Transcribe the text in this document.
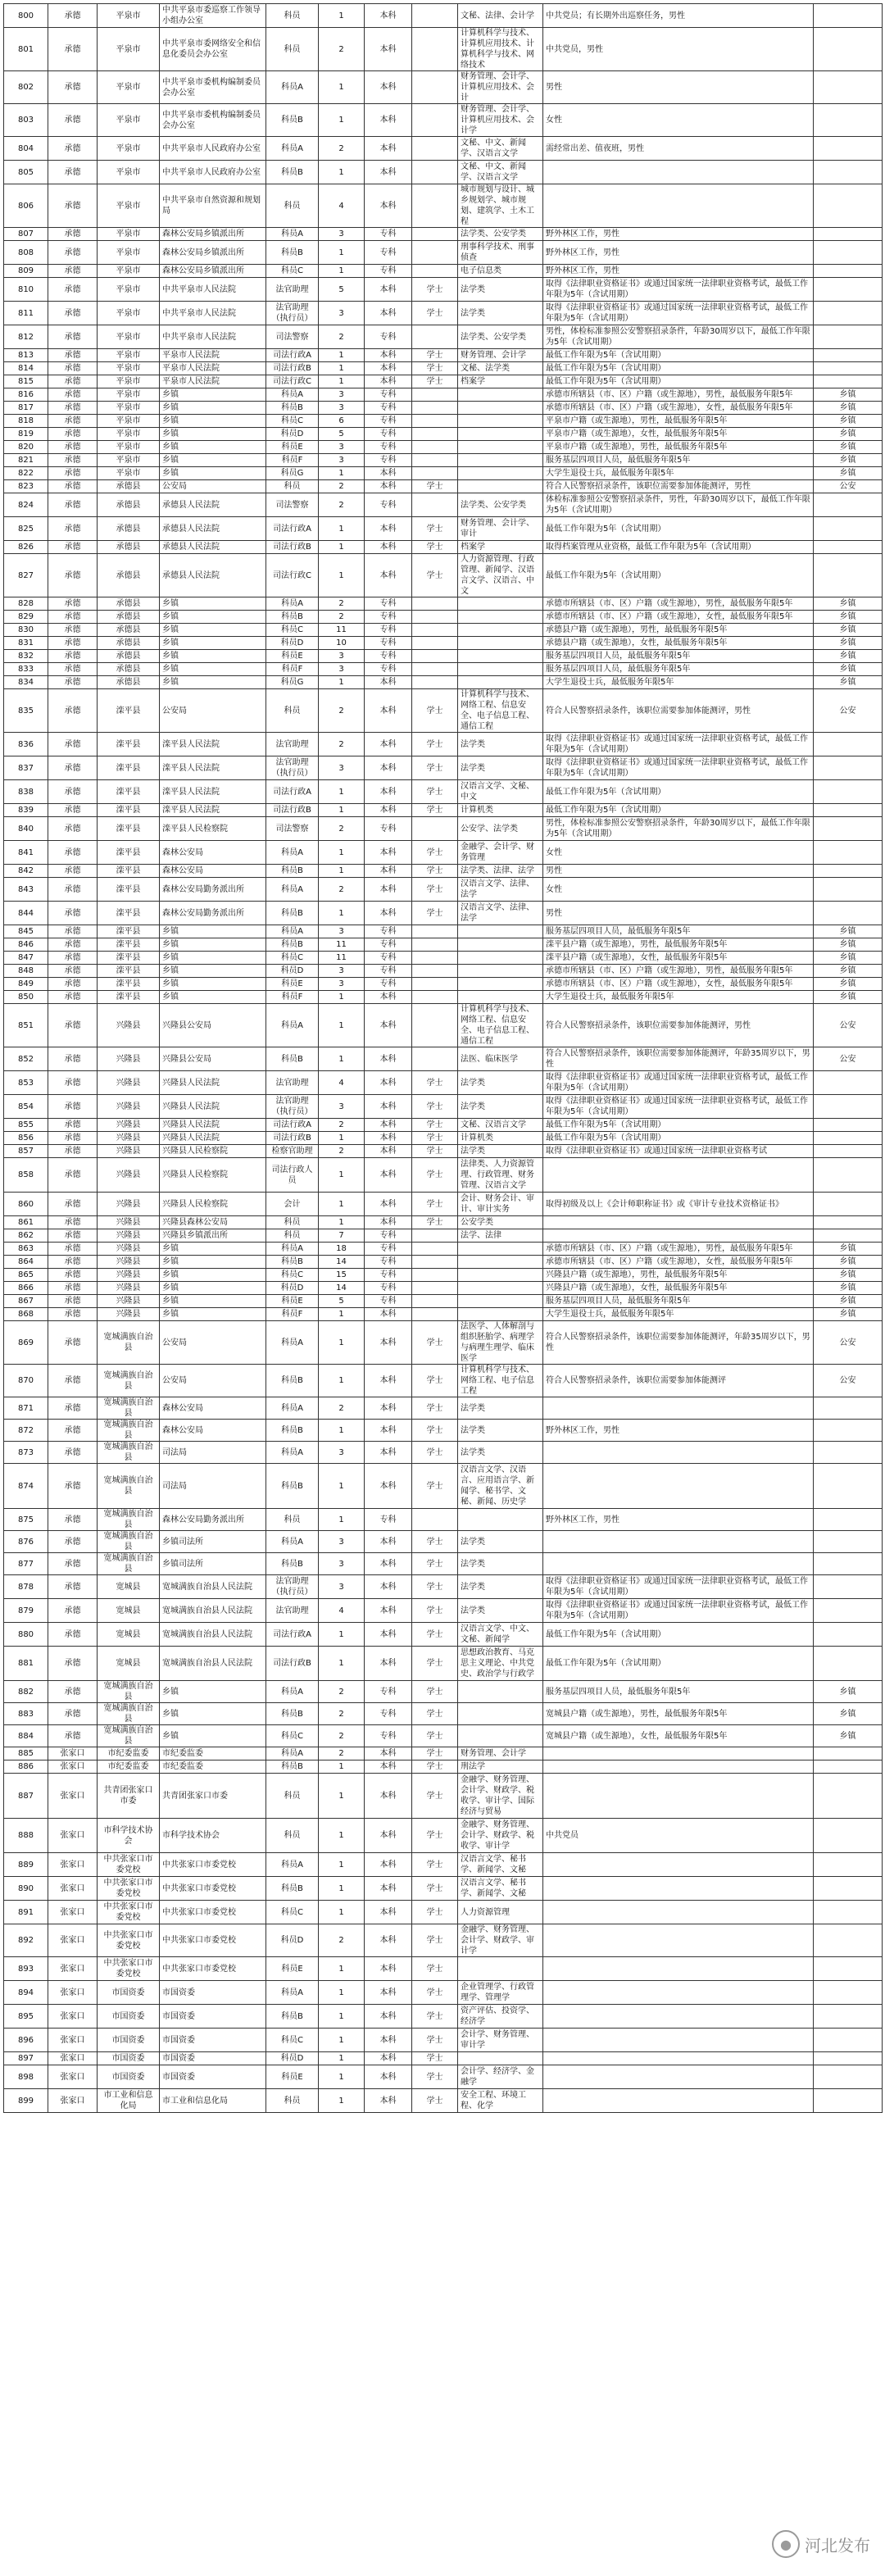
800	承德	平泉市	中共平泉市委巡察工作领导小组办公室	科员	1	本科		文秘、法律、会计学	中共党员；有长期外出巡察任务，男性	
801	承德	平泉市	中共平泉市委网络安全和信息化委员会办公室	科员	2	本科		计算机科学与技术、计算机应用技术、计算机科学与技术、网络技术	中共党员，男性	
802	承德	平泉市	中共平泉市委机构编制委员会办公室	科员A	1	本科		财务管理、会计学、计算机应用技术、会计	男性	
803	承德	平泉市	中共平泉市委机构编制委员会办公室	科员B	1	本科		财务管理、会计学、计算机应用技术、会计学	女性	
804	承德	平泉市	中共平泉市人民政府办公室	科员A	2	本科		文秘、中文、新闻学、汉语言文学	需经常出差、值夜班，男性	
805	承德	平泉市	中共平泉市人民政府办公室	科员B	1	本科		文秘、中文、新闻学、汉语言文学		
806	承德	平泉市	中共平泉市自然资源和规划局	科员	4	本科		城市规划与设计、城乡规划学、城市规划、建筑学、土木工程		
807	承德	平泉市	森林公安局乡镇派出所	科员A	3	专科		法学类、公安学类	野外林区工作，男性	
808	承德	平泉市	森林公安局乡镇派出所	科员B	1	专科		刑事科学技术、刑事侦查	野外林区工作，男性	
809	承德	平泉市	森林公安局乡镇派出所	科员C	1	专科		电子信息类	野外林区工作，男性	
810	承德	平泉市	中共平泉市人民法院	法官助理	5	本科	学士	法学类	取得《法律职业资格证书》或通过国家统一法律职业资格考试，最低工作年限为5年（含试用期）	
811	承德	平泉市	中共平泉市人民法院	法官助理（执行员）	3	本科	学士	法学类	取得《法律职业资格证书》或通过国家统一法律职业资格考试，最低工作年限为5年（含试用期）	
812	承德	平泉市	中共平泉市人民法院	司法警察	2	专科		法学类、公安学类	男性，体检标准参照公安警察招录条件，年龄30周岁以下，最低工作年限为5年（含试用期）	
813	承德	平泉市	平泉市人民法院	司法行政A	1	本科	学士	财务管理、会计学	最低工作年限为5年（含试用期）	
814	承德	平泉市	平泉市人民法院	司法行政B	1	本科	学士	文秘、法学类	最低工作年限为5年（含试用期）	
815	承德	平泉市	平泉市人民法院	司法行政C	1	本科	学士	档案学	最低工作年限为5年（含试用期）	
816	承德	平泉市	乡镇	科员A	3	专科			承德市所辖县（市、区）户籍（或生源地），男性，最低服务年限5年	乡镇
817	承德	平泉市	乡镇	科员B	3	专科			承德市所辖县（市、区）户籍（或生源地），女性，最低服务年限5年	乡镇
818	承德	平泉市	乡镇	科员C	6	专科			平泉市户籍（或生源地），男性，最低服务年限5年	乡镇
819	承德	平泉市	乡镇	科员D	5	专科			平泉市户籍（或生源地），女性，最低服务年限5年	乡镇
820	承德	平泉市	乡镇	科员E	3	专科			平泉市户籍（或生源地），男性，最低服务年限5年	乡镇
821	承德	平泉市	乡镇	科员F	3	专科			服务基层四项目人员，最低服务年限5年	乡镇
822	承德	平泉市	乡镇	科员G	1	本科			大学生退役士兵，最低服务年限5年	乡镇
823	承德	承德县	公安局	科员	2	本科	学士		符合人民警察招录条件，该职位需要参加体能测评，男性	公安
824	承德	承德县	承德县人民法院	司法警察	2	专科		法学类、公安学类	体检标准参照公安警察招录条件，男性，年龄30周岁以下，最低工作年限为5年（含试用期）	
825	承德	承德县	承德县人民法院	司法行政A	1	本科	学士	财务管理、会计学、审计	最低工作年限为5年（含试用期）	
826	承德	承德县	承德县人民法院	司法行政B	1	本科	学士	档案学	取得档案管理从业资格，最低工作年限为5年（含试用期）	
827	承德	承德县	承德县人民法院	司法行政C	1	本科	学士	人力资源管理、行政管理、新闻学、汉语言文学、汉语言、中文	最低工作年限为5年（含试用期）	
828	承德	承德县	乡镇	科员A	2	专科			承德市所辖县（市、区）户籍（或生源地），男性，最低服务年限5年	乡镇
829	承德	承德县	乡镇	科员B	2	专科			承德市所辖县（市、区）户籍（或生源地），女性，最低服务年限5年	乡镇
830	承德	承德县	乡镇	科员C	11	专科			承德县户籍（或生源地），男性，最低服务年限5年	乡镇
831	承德	承德县	乡镇	科员D	10	专科			承德县户籍（或生源地），女性，最低服务年限5年	乡镇
832	承德	承德县	乡镇	科员E	3	专科			服务基层四项目人员，最低服务年限5年	乡镇
833	承德	承德县	乡镇	科员F	3	专科			服务基层四项目人员，最低服务年限5年	乡镇
834	承德	承德县	乡镇	科员G	1	本科			大学生退役士兵，最低服务年限5年	乡镇
835	承德	滦平县	公安局	科员	2	本科	学士	计算机科学与技术、网络工程、信息安全、电子信息工程、通信工程	符合人民警察招录条件，该职位需要参加体能测评，男性	公安
836	承德	滦平县	滦平县人民法院	法官助理	2	本科	学士	法学类	取得《法律职业资格证书》或通过国家统一法律职业资格考试，最低工作年限为5年（含试用期）	
837	承德	滦平县	滦平县人民法院	法官助理（执行员）	3	本科	学士	法学类	取得《法律职业资格证书》或通过国家统一法律职业资格考试，最低工作年限为5年（含试用期）	
838	承德	滦平县	滦平县人民法院	司法行政A	1	本科	学士	汉语言文学、文秘、中文	最低工作年限为5年（含试用期）	
839	承德	滦平县	滦平县人民法院	司法行政B	1	本科	学士	计算机类	最低工作年限为5年（含试用期）	
840	承德	滦平县	滦平县人民检察院	司法警察	2	专科		公安学、法学类	男性，体检标准参照公安警察招录条件，年龄30周岁以下，最低工作年限为5年（含试用期）	
841	承德	滦平县	森林公安局	科员A	1	本科	学士	金融学、会计学、财务管理	女性	
842	承德	滦平县	森林公安局	科员B	1	本科	学士	法学类、法律、法学	男性	
843	承德	滦平县	森林公安局勤务派出所	科员A	2	本科	学士	汉语言文学、法律、法学	女性	
844	承德	滦平县	森林公安局勤务派出所	科员B	1	本科	学士	汉语言文学、法律、法学	男性	
845	承德	滦平县	乡镇	科员A	3	专科			服务基层四项目人员，最低服务年限5年	乡镇
846	承德	滦平县	乡镇	科员B	11	专科			滦平县户籍（或生源地），男性，最低服务年限5年	乡镇
847	承德	滦平县	乡镇	科员C	11	专科			滦平县户籍（或生源地），女性，最低服务年限5年	乡镇
848	承德	滦平县	乡镇	科员D	3	专科			承德市所辖县（市、区）户籍（或生源地），男性，最低服务年限5年	乡镇
849	承德	滦平县	乡镇	科员E	3	专科			承德市所辖县（市、区）户籍（或生源地），女性，最低服务年限5年	乡镇
850	承德	滦平县	乡镇	科员F	1	本科			大学生退役士兵，最低服务年限5年	乡镇
851	承德	兴隆县	兴隆县公安局	科员A	1	本科		计算机科学与技术、网络工程、信息安全、电子信息工程、通信工程	符合人民警察招录条件，该职位需要参加体能测评，男性	公安
852	承德	兴隆县	兴隆县公安局	科员B	1	本科		法医、临床医学	符合人民警察招录条件，该职位需要参加体能测评，年龄35周岁以下，男性	公安
853	承德	兴隆县	兴隆县人民法院	法官助理	4	本科	学士	法学类	取得《法律职业资格证书》或通过国家统一法律职业资格考试，最低工作年限为5年（含试用期）	
854	承德	兴隆县	兴隆县人民法院	法官助理（执行员）	3	本科	学士	法学类	取得《法律职业资格证书》或通过国家统一法律职业资格考试，最低工作年限为5年（含试用期）	
855	承德	兴隆县	兴隆县人民法院	司法行政A	2	本科	学士	文秘、汉语言文学	最低工作年限为5年（含试用期）	
856	承德	兴隆县	兴隆县人民法院	司法行政B	1	本科	学士	计算机类	最低工作年限为5年（含试用期）	
857	承德	兴隆县	兴隆县人民检察院	检察官助理	2	本科	学士	法学类	取得《法律职业资格证书》或通过国家统一法律职业资格考试	
858	承德	兴隆县	兴隆县人民检察院	司法行政人员	1	本科	学士	法律类、人力资源管理、行政管理、财务管理、汉语言文学		
860	承德	兴隆县	兴隆县人民检察院	会计	1	本科	学士	会计、财务会计、审计、审计实务	取得初级及以上《会计师职称证书》或《审计专业技术资格证书》	
861	承德	兴隆县	兴隆县森林公安局	科员	1	本科	学士	公安学类		
862	承德	兴隆县	兴隆县乡镇派出所	科员	7	专科		法学、法律		
863	承德	兴隆县	乡镇	科员A	18	专科			承德市所辖县（市、区）户籍（或生源地），男性，最低服务年限5年	乡镇
864	承德	兴隆县	乡镇	科员B	14	专科			承德市所辖县（市、区）户籍（或生源地），女性，最低服务年限5年	乡镇
865	承德	兴隆县	乡镇	科员C	15	专科			兴隆县户籍（或生源地），男性，最低服务年限5年	乡镇
866	承德	兴隆县	乡镇	科员D	14	专科			兴隆县户籍（或生源地），女性，最低服务年限5年	乡镇
867	承德	兴隆县	乡镇	科员E	5	专科			服务基层四项目人员，最低服务年限5年	乡镇
868	承德	兴隆县	乡镇	科员F	1	本科			大学生退役士兵，最低服务年限5年	乡镇
869	承德	宽城满族自治县	公安局	科员A	1	本科	学士	法医学、人体解剖与组织胚胎学、病理学与病理生理学、临床医学	符合人民警察招录条件，该职位需要参加体能测评，年龄35周岁以下，男性	公安
870	承德	宽城满族自治县	公安局	科员B	1	本科	学士	计算机科学与技术、网络工程、电子信息工程	符合人民警察招录条件，该职位需要参加体能测评	公安
871	承德	宽城满族自治县	森林公安局	科员A	2	本科	学士	法学类		
872	承德	宽城满族自治县	森林公安局	科员B	1	本科	学士	法学类	野外林区工作，男性	
873	承德	宽城满族自治县	司法局	科员A	3	本科	学士	法学类		
874	承德	宽城满族自治县	司法局	科员B	1	本科	学士	汉语言文学、汉语言、应用语言学、新闻学、秘书学、文秘、新闻、历史学		
875	承德	宽城满族自治县	森林公安局勤务派出所	科员	1	专科			野外林区工作，男性	
876	承德	宽城满族自治县	乡镇司法所	科员A	3	本科	学士	法学类		
877	承德	宽城满族自治县	乡镇司法所	科员B	3	本科	学士	法学类		
878	承德	宽城县	宽城满族自治县人民法院	法官助理（执行员）	3	本科	学士	法学类	取得《法律职业资格证书》或通过国家统一法律职业资格考试，最低工作年限为5年（含试用期）	
879	承德	宽城县	宽城满族自治县人民法院	法官助理	4	本科	学士	法学类	取得《法律职业资格证书》或通过国家统一法律职业资格考试，最低工作年限为5年（含试用期）	
880	承德	宽城县	宽城满族自治县人民法院	司法行政A	1	本科	学士	汉语言文学、中文、文秘、新闻学	最低工作年限为5年（含试用期）	
881	承德	宽城县	宽城满族自治县人民法院	司法行政B	1	本科	学士	思想政治教育、马克思主义理论、中共党史、政治学与行政学	最低工作年限为5年（含试用期）	
882	承德	宽城满族自治县	乡镇	科员A	2	专科	学士		服务基层四项目人员，最低服务年限5年	乡镇
883	承德	宽城满族自治县	乡镇	科员B	2	专科	学士		宽城县户籍（或生源地），男性，最低服务年限5年	乡镇
884	承德	宽城满族自治县	乡镇	科员C	2	专科	学士		宽城县户籍（或生源地），女性，最低服务年限5年	乡镇
885	张家口	市纪委监委	市纪委监委	科员A	2	本科	学士	财务管理、会计学		
886	张家口	市纪委监委	市纪委监委	科员B	1	本科	学士	刑法学		
887	张家口	共青团张家口市委	共青团张家口市委	科员	1	本科	学士	金融学、财务管理、会计学、财政学、税收学、审计学、国际经济与贸易		
888	张家口	市科学技术协会	市科学技术协会	科员	1	本科	学士	金融学、财务管理、会计学、财政学、税收学、审计学	中共党员	
889	张家口	中共张家口市委党校	中共张家口市委党校	科员A	1	本科	学士	汉语言文学、秘书学、新闻学、文秘		
890	张家口	中共张家口市委党校	中共张家口市委党校	科员B	1	本科	学士	汉语言文学、秘书学、新闻学、文秘		
891	张家口	中共张家口市委党校	中共张家口市委党校	科员C	1	本科	学士	人力资源管理		
892	张家口	中共张家口市委党校	中共张家口市委党校	科员D	2	本科	学士	金融学、财务管理、会计学、财政学、审计学		
893	张家口	中共张家口市委党校	中共张家口市委党校	科员E	1	本科	学士			
894	张家口	市国资委	市国资委	科员A	1	本科	学士	企业管理学、行政管理学、管理学		
895	张家口	市国资委	市国资委	科员B	1	本科	学士	资产评估、投资学、经济学		
896	张家口	市国资委	市国资委	科员C	1	本科	学士	会计学、财务管理、审计学		
897	张家口	市国资委	市国资委	科员D	1	本科	学士			
898	张家口	市国资委	市国资委	科员E	1	本科	学士	会计学、经济学、金融学		
899	张家口	市工业和信息化局	市工业和信息化局	科员	1	本科	学士	安全工程、环境工程、化学		
● 河北发布
